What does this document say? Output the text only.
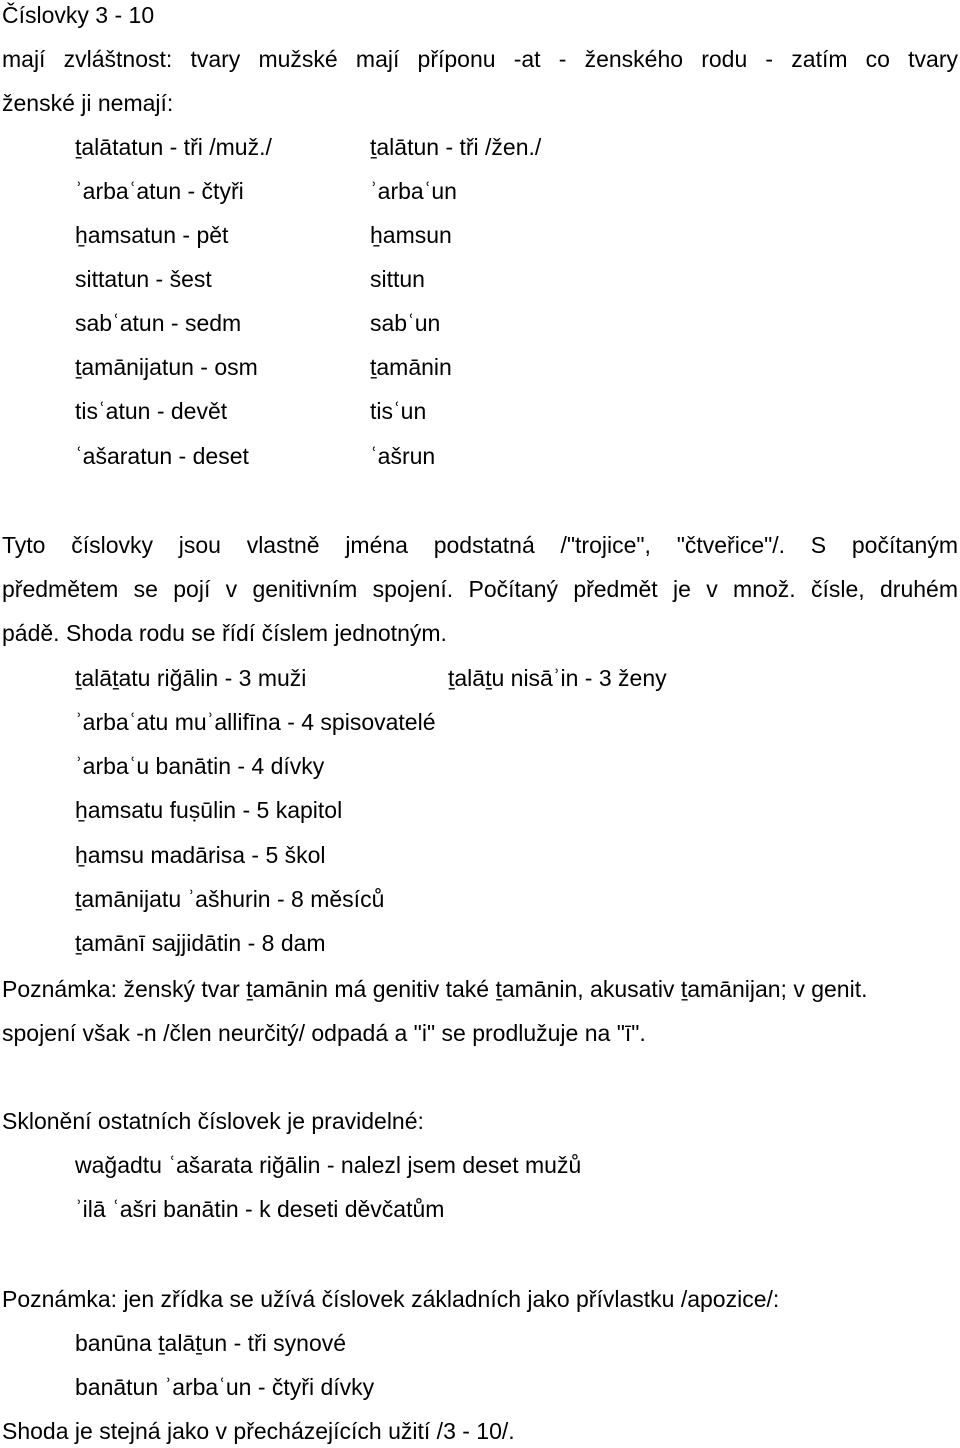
Číslovky 3 - 10
mají zvláštnost: tvary mužské mají příponu -at - ženského rodu - zatím co tvary
ženské ji nemají:
ṯalātatun - tři /muž./	ṯalātun - tři /žen./
ʾarbaʿatun - čtyři	ʾarbaʿun
ẖamsatun - pět	ẖamsun
sittatun - šest	sittun
sabʿatun - sedm	sabʿun
ṯamānijatun - osm	ṯamānin
tisʿatun - devět	tisʿun
ʿašaratun - deset	ʿašrun
Tyto číslovky jsou vlastně jména podstatná /"trojice", "čtveřice"/. S počítaným
předmětem se pojí v genitivním spojení. Počítaný předmět je v množ. čísle, druhém
pádě. Shoda rodu se řídí číslem jednotným.
ṯalāṯatu riğālin - 3 muži	ṯalāṯu nisāʾin - 3 ženy
ʾarbaʿatu muʾallifīna - 4 spisovatelé
ʾarbaʿu banātin - 4 dívky
ẖamsatu fuṣūlin - 5 kapitol
ẖamsu madārisa - 5 škol
ṯamānijatu ʾašhurin - 8 měsíců
ṯamānī sajjidātin - 8 dam
Poznámka: ženský tvar ṯamānin má genitiv také ṯamānin, akusativ ṯamānijan; v genit.
spojení však -n /člen neurčitý/ odpadá a "i" se prodlužuje na "ī".
Sklonění ostatních číslovek je pravidelné:
wağadtu ʿašarata riğālin - nalezl jsem deset mužů
ʾilā ʿašri banātin - k deseti děvčatům
Poznámka: jen zřídka se užívá číslovek základních jako přívlastku /apozice/:
banūna ṯalāṯun - tři synové
banātun ʾarbaʿun - čtyři dívky
Shoda je stejná jako v přecházejících užití /3 - 10/.
